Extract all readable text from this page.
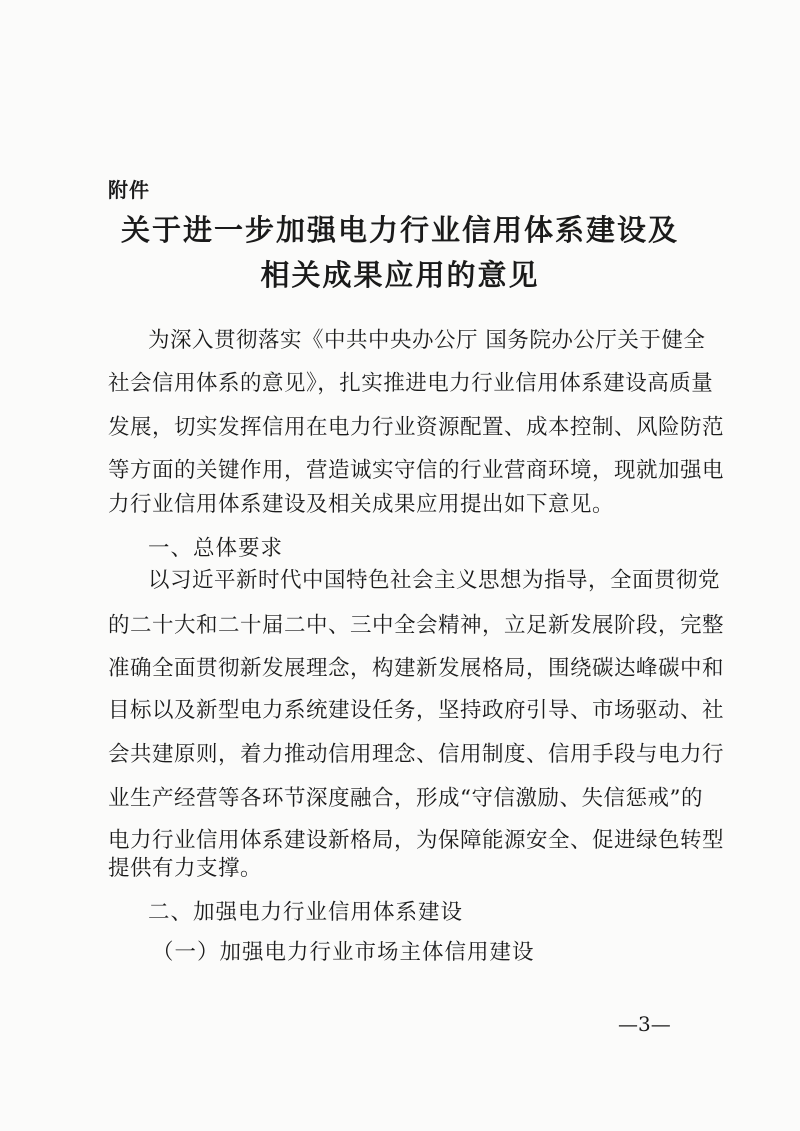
附件
关于进一步加强电力行业信用体系建设及
相关成果应用的意见
为深入贯彻落实《中共中央办公厅 国务院办公厅关于健全
社会信用体系的意见》，扎实推进电力行业信用体系建设高质量
发展，切实发挥信用在电力行业资源配置、成本控制、风险防范
等方面的关键作用，营造诚实守信的行业营商环境，现就加强电
力行业信用体系建设及相关成果应用提出如下意见。
一、总体要求
以习近平新时代中国特色社会主义思想为指导，全面贯彻党
的二十大和二十届二中、三中全会精神，立足新发展阶段，完整
准确全面贯彻新发展理念，构建新发展格局，围绕碳达峰碳中和
目标以及新型电力系统建设任务，坚持政府引导、市场驱动、社
会共建原则，着力推动信用理念、信用制度、信用手段与电力行
业生产经营等各环节深度融合，形成“守信激励、失信惩戒”的
电力行业信用体系建设新格局，为保障能源安全、促进绿色转型
提供有力支撑。
二、加强电力行业信用体系建设
（一）加强电力行业市场主体信用建设
—3—
